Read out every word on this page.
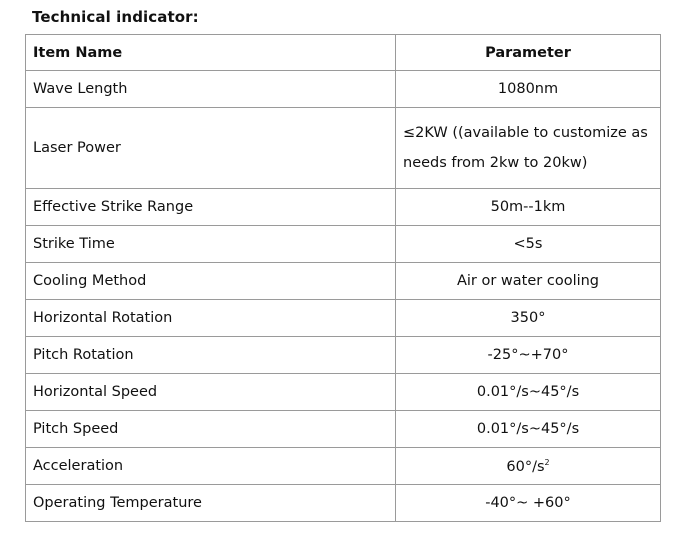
Technical indicator:
Item Name	Parameter
Wave Length	1080nm
Laser Power	≤2KW ((available to customize as needs from 2kw to 20kw)
Effective Strike Range	50m--1km
Strike Time	<5s
Cooling Method	Air or water cooling
Horizontal Rotation	350°
Pitch Rotation	-25°~+70°
Horizontal Speed	0.01°/s~45°/s
Pitch Speed	0.01°/s~45°/s
Acceleration	$60^\circ/s^2$
Operating Temperature	-40°~ +60°
